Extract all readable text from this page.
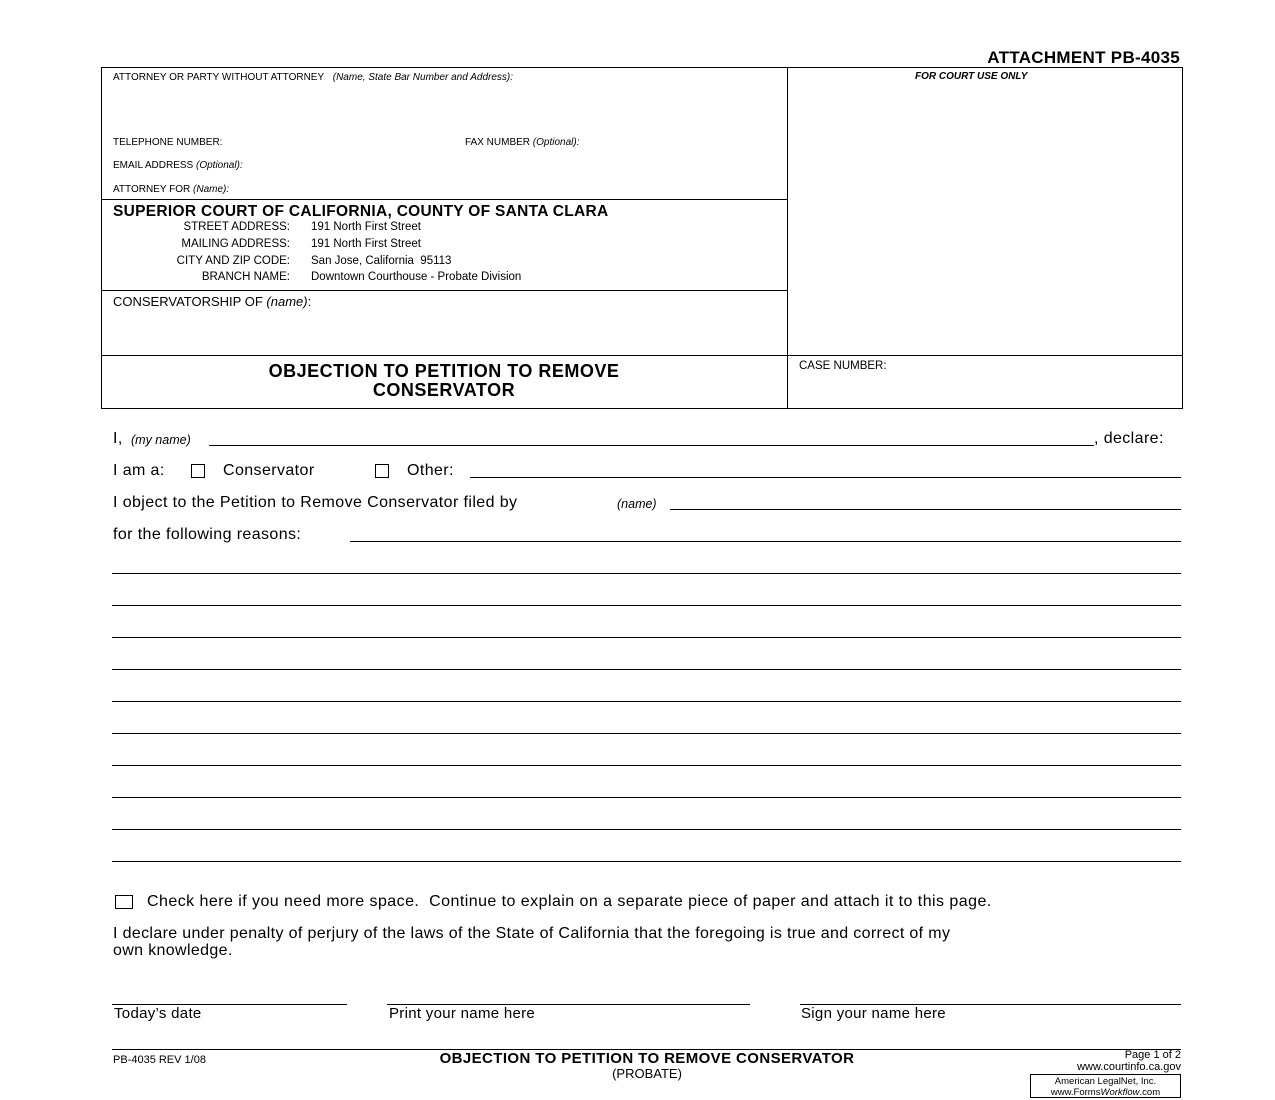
ATTACHMENT PB-4035
ATTORNEY OR PARTY WITHOUT ATTORNEY (Name, State Bar Number and Address):	FOR COURT USE ONLY
TELEPHONE NUMBER:	FAX NUMBER (Optional):
EMAIL ADDRESS (Optional):
ATTORNEY FOR (Name):
SUPERIOR COURT OF CALIFORNIA, COUNTY OF SANTA CLARA
STREET ADDRESS: 191 North First Street
MAILING ADDRESS: 191 North First Street
CITY AND ZIP CODE: San Jose, California  95113
BRANCH NAME: Downtown Courthouse - Probate Division
CONSERVATORSHIP OF (name):
OBJECTION TO PETITION TO REMOVE
CONSERVATOR
CASE NUMBER:
I, (my name)	, declare:
I am a:	Conservator	Other:
I object to the Petition to Remove Conservator filed by	(name)
for the following reasons:
Check here if you need more space.  Continue to explain on a separate piece of paper and attach it to this page.
I declare under penalty of perjury of the laws of the State of California that the foregoing is true and correct of my
own knowledge.
Today’s date	Print your name here	Sign your name here
PB-4035 REV 1/08	OBJECTION TO PETITION TO REMOVE CONSERVATOR
(PROBATE)
Page 1 of 2
www.courtinfo.ca.gov
American LegalNet, Inc.
www.FormsWorkflow.com
